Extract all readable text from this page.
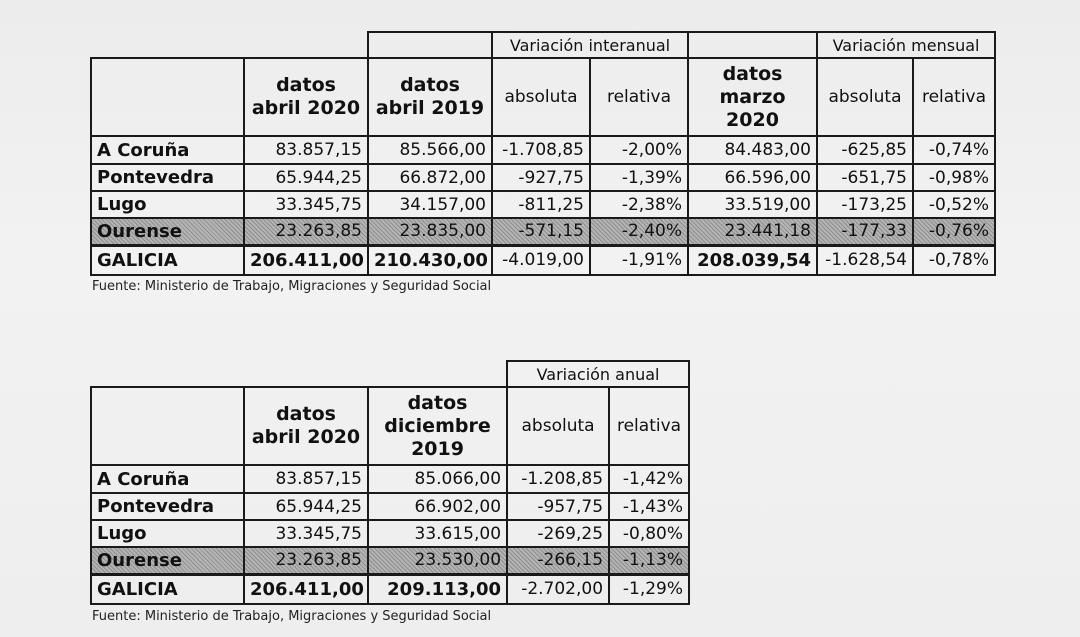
			Variación interanual			Variación mensual	
	datos abril 2020	datos abril 2019	absoluta	relativa	datos marzo 2020	absoluta	relativa
A Coruña	83.857,15	85.566,00	-1.708,85	-2,00%	84.483,00	-625,85	-0,74%
Pontevedra	65.944,25	66.872,00	-927,75	-1,39%	66.596,00	-651,75	-0,98%
Lugo	33.345,75	34.157,00	-811,25	-2,38%	33.519,00	-173,25	-0,52%
Ourense	23.263,85	23.835,00	-571,15	-2,40%	23.441,18	-177,33	-0,76%
GALICIA	206.411,00	210.430,00	-4.019,00	-1,91%	208.039,54	-1.628,54	-0,78%
Fuente: Ministerio de Trabajo, Migraciones y Seguridad Social
			Variación anual	
	datos abril 2020	datos diciembre 2019	absoluta	relativa
A Coruña	83.857,15	85.066,00	-1.208,85	-1,42%
Pontevedra	65.944,25	66.902,00	-957,75	-1,43%
Lugo	33.345,75	33.615,00	-269,25	-0,80%
Ourense	23.263,85	23.530,00	-266,15	-1,13%
GALICIA	206.411,00	209.113,00	-2.702,00	-1,29%
Fuente: Ministerio de Trabajo, Migraciones y Seguridad Social
